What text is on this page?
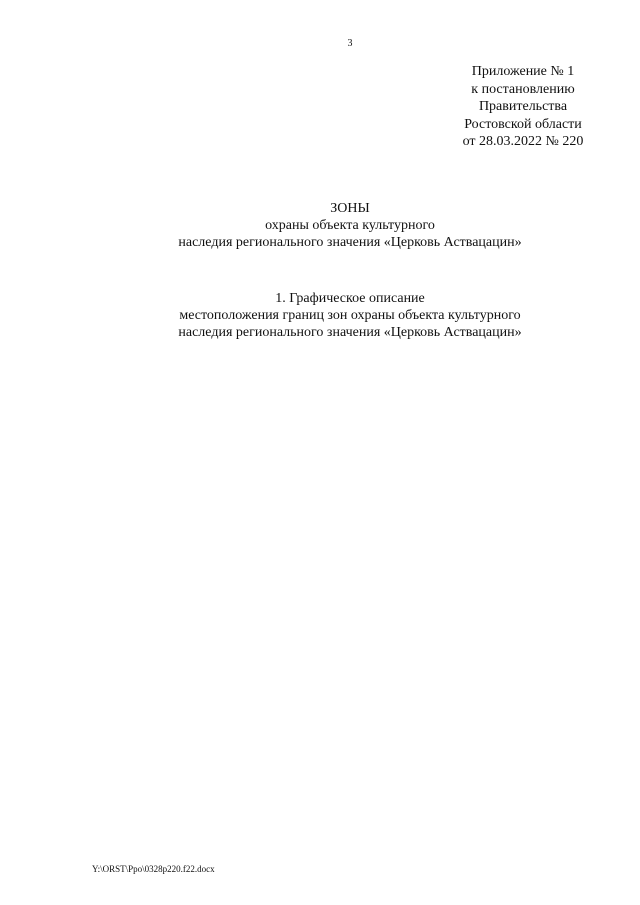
3
Приложение № 1
к постановлению
Правительства
Ростовской области
от 28.03.2022 № 220
ЗОНЫ
охраны объекта культурного
наследия регионального значения «Церковь Аствацацин»
1. Графическое описание
местоположения границ зон охраны объекта культурного
наследия регионального значения «Церковь Аствацацин»
Y:\ORST\Ppo\0328p220.f22.docx
